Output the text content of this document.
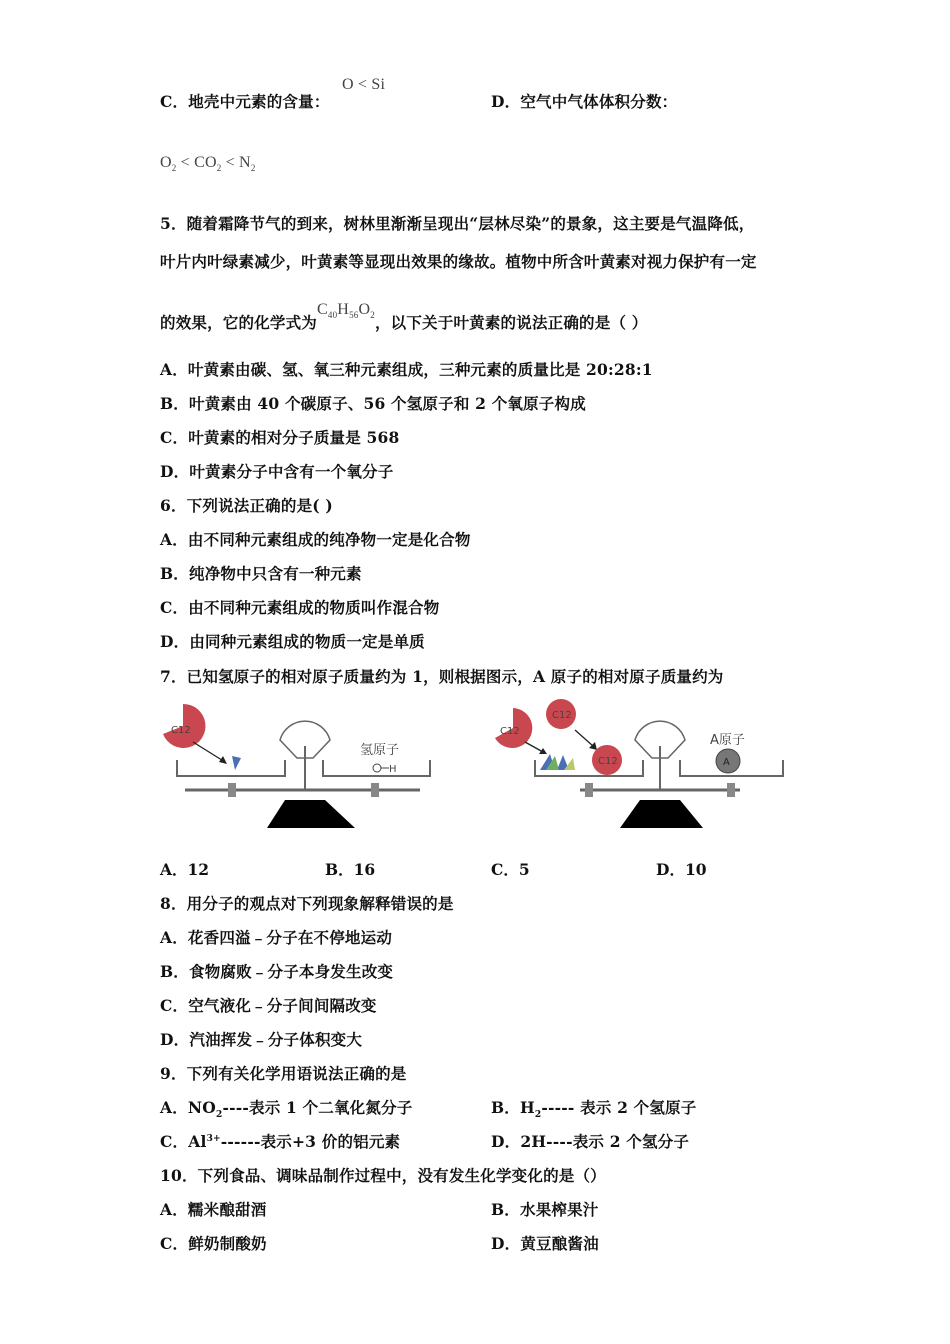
C．地壳中元素的含量：
O < Si
D．空气中气体体积分数：
$O_2 < CO_2 < N_2$
5．随着霜降节气的到来，树林里渐渐呈现出“层林尽染”的景象，这主要是气温降低，
叶片内叶绿素减少，叶黄素等显现出效果的缘故。植物中所含叶黄素对视力保护有一定
的效果，它的化学式为$C_{40}H_{56}O_2$，以下关于叶黄素的说法正确的是（ ）
A．叶黄素由碳、氢、氧三种元素组成，三种元素的质量比是 20:28:1
B．叶黄素由 40 个碳原子、56 个氢原子和 2 个氧原子构成
C．叶黄素的相对分子质量是 568
D．叶黄素分子中含有一个氧分子
6．下列说法正确的是( )
A．由不同种元素组成的纯净物一定是化合物
B．纯净物中只含有一种元素
C．由不同种元素组成的物质叫作混合物
D．由同种元素组成的物质一定是单质
7．已知氢原子的相对原子质量约为 1，则根据图示，A 原子的相对原子质量约为
C12
氢原子
H
C12
C12
C12
A原子
A
A．12	B．16	C．5	D．10
8．用分子的观点对下列现象解释错误的是
A．花香四溢﹣分子在不停地运动
B．食物腐败﹣分子本身发生改变
C．空气液化﹣分子间间隔改变
D．汽油挥发﹣分子体积变大
9．下列有关化学用语说法正确的是
A．$NO_2----$表示 1 个二氧化氮分子	B．$H_2-----$ 表示 2 个氢原子
C．$Al^{3+}------$表示+3 价的铝元素	D．2H----表示 2 个氢分子
10．下列食品、调味品制作过程中，没有发生化学变化的是（）
A．糯米酿甜酒	B．水果榨果汁
C．鲜奶制酸奶	D．黄豆酿酱油
